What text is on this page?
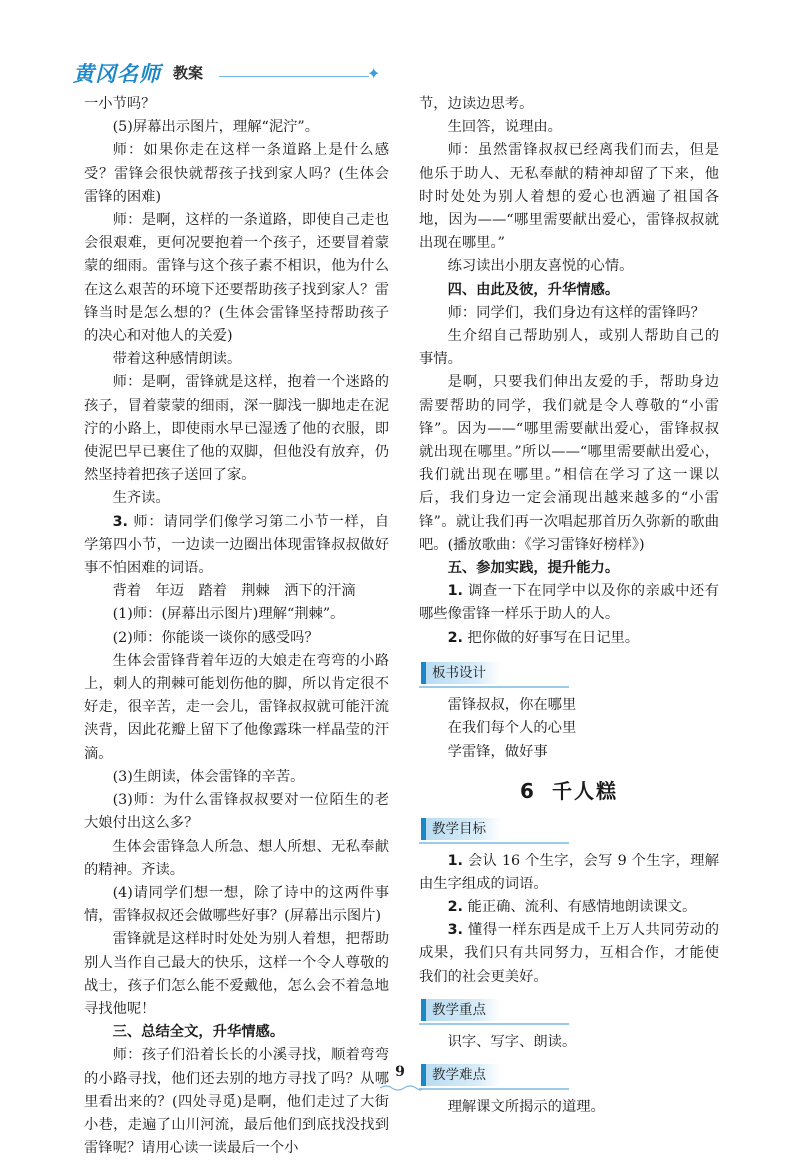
黄冈名师 教案	✦

一小节吗？

(5)屏幕出示图片，理解“泥泞”。

师：如果你走在这样一条道路上是什么感受？雷锋会很快就帮孩子找到家人吗？(生体会雷锋的困难)

师：是啊，这样的一条道路，即使自己走也会很艰难，更何况要抱着一个孩子，还要冒着蒙蒙的细雨。雷锋与这个孩子素不相识，他为什么在这么艰苦的环境下还要帮助孩子找到家人？雷锋当时是怎么想的？(生体会雷锋坚持帮助孩子的决心和对他人的关爱)

带着这种感情朗读。

师：是啊，雷锋就是这样，抱着一个迷路的孩子，冒着蒙蒙的细雨，深一脚浅一脚地走在泥泞的小路上，即使雨水早已湿透了他的衣服，即使泥巴早已裹住了他的双脚，但他没有放弃，仍然坚持着把孩子送回了家。

生齐读。

3. 师：请同学们像学习第二小节一样，自学第四小节，一边读一边圈出体现雷锋叔叔做好事不怕困难的词语。

背着　年迈　踏着　荆棘　洒下的汗滴

(1)师：(屏幕出示图片)理解“荆棘”。

(2)师：你能谈一谈你的感受吗？

生体会雷锋背着年迈的大娘走在弯弯的小路上，刺人的荆棘可能划伤他的脚，所以肯定很不好走，很辛苦，走一会儿，雷锋叔叔就可能汗流浃背，因此花瓣上留下了他像露珠一样晶莹的汗滴。

(3)生朗读，体会雷锋的辛苦。

(3)师：为什么雷锋叔叔要对一位陌生的老大娘付出这么多？

生体会雷锋急人所急、想人所想、无私奉献的精神。齐读。

(4)请同学们想一想，除了诗中的这两件事情，雷锋叔叔还会做哪些好事？(屏幕出示图片)

雷锋就是这样时时处处为别人着想，把帮助别人当作自己最大的快乐，这样一个令人尊敬的战士，孩子们怎么能不爱戴他，怎么会不着急地寻找他呢！

三、总结全文，升华情感。

师：孩子们沿着长长的小溪寻找，顺着弯弯的小路寻找，他们还去别的地方寻找了吗？从哪里看出来的？(四处寻觅)是啊，他们走过了大街小巷，走遍了山川河流，最后他们到底找没找到雷锋呢？请用心读一读最后一个小

节，边读边思考。

生回答，说理由。

师：虽然雷锋叔叔已经离我们而去，但是他乐于助人、无私奉献的精神却留了下来，他时时处处为别人着想的爱心也洒遍了祖国各地，因为——“哪里需要献出爱心，雷锋叔叔就出现在哪里。”

练习读出小朋友喜悦的心情。

四、由此及彼，升华情感。

师：同学们，我们身边有这样的雷锋吗？

生介绍自己帮助别人，或别人帮助自己的事情。

是啊，只要我们伸出友爱的手，帮助身边需要帮助的同学，我们就是令人尊敬的“小雷锋”。因为——“哪里需要献出爱心，雷锋叔叔就出现在哪里。”所以——“哪里需要献出爱心，我们就出现在哪里。”相信在学习了这一课以后，我们身边一定会涌现出越来越多的“小雷锋”。就让我们再一次唱起那首历久弥新的歌曲吧。(播放歌曲：《学习雷锋好榜样》)

五、参加实践，提升能力。

1. 调查一下在同学中以及你的亲戚中还有哪些像雷锋一样乐于助人的人。

2. 把你做的好事写在日记里。

板书设计

雷锋叔叔，你在哪里

在我们每个人的心里

学雷锋，做好事

6 千人糕
教学目标

1. 会认 16 个生字，会写 9 个生字，理解由生字组成的词语。

2. 能正确、流利、有感情地朗读课文。

3. 懂得一样东西是成千上万人共同劳动的成果，我们只有共同努力，互相合作，才能使我们的社会更美好。

教学重点

识字、写字、朗读。

教学难点

理解课文所揭示的道理。

9
